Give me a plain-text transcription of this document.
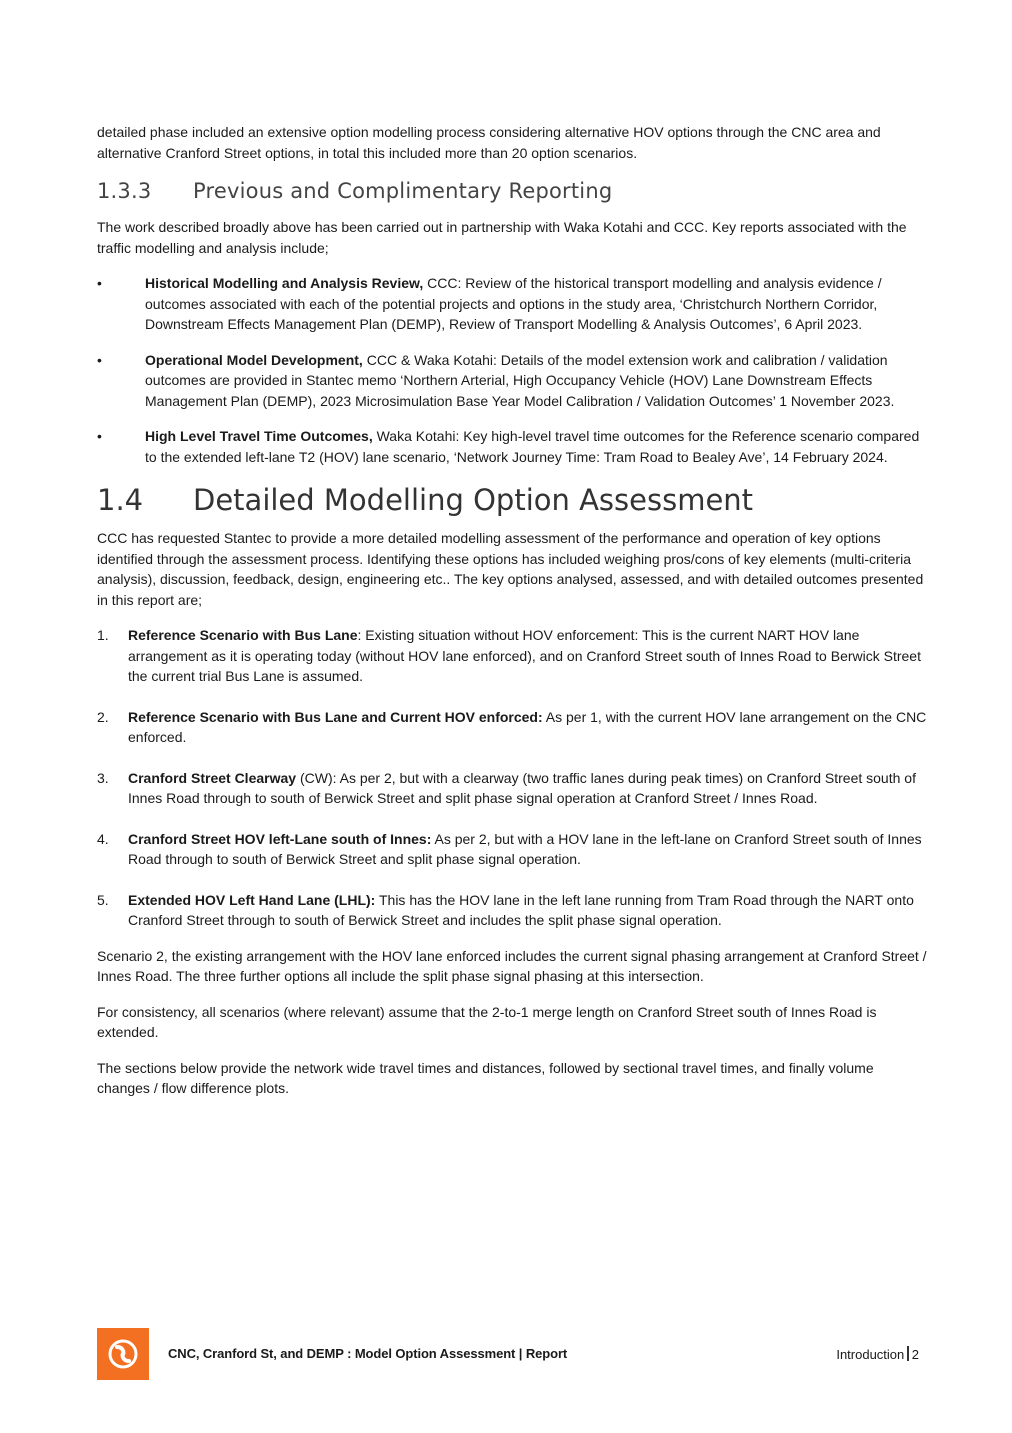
detailed phase included an extensive option modelling process considering alternative HOV options through the CNC area and alternative Cranford Street options, in total this included more than 20 option scenarios.

1.3.3 Previous and Complimentary Reporting

The work described broadly above has been carried out in partnership with Waka Kotahi and CCC. Key reports associated with the traffic modelling and analysis include;

•	Historical Modelling and Analysis Review, CCC: Review of the historical transport modelling and analysis evidence / outcomes associated with each of the potential projects and options in the study area, ‘Christchurch Northern Corridor, Downstream Effects Management Plan (DEMP), Review of Transport Modelling & Analysis Outcomes’, 6 April 2023.
•	Operational Model Development, CCC & Waka Kotahi: Details of the model extension work and calibration / validation outcomes are provided in Stantec memo ‘Northern Arterial, High Occupancy Vehicle (HOV) Lane Downstream Effects Management Plan (DEMP), 2023 Microsimulation Base Year Model Calibration / Validation Outcomes’ 1 November 2023.
•	High Level Travel Time Outcomes, Waka Kotahi: Key high-level travel time outcomes for the Reference scenario compared to the extended left-lane T2 (HOV) lane scenario, ‘Network Journey Time: Tram Road to Bealey Ave’, 14 February 2024.
1.4 Detailed Modelling Option Assessment

CCC has requested Stantec to provide a more detailed modelling assessment of the performance and operation of key options identified through the assessment process. Identifying these options has included weighing pros/cons of key elements (multi-criteria analysis), discussion, feedback, design, engineering etc.. The key options analysed, assessed, and with detailed outcomes presented in this report are;

1. Reference Scenario with Bus Lane: Existing situation without HOV enforcement: This is the current NART HOV lane arrangement as it is operating today (without HOV lane enforced), and on Cranford Street south of Innes Road to Berwick Street the current trial Bus Lane is assumed.
2. Reference Scenario with Bus Lane and Current HOV enforced: As per 1, with the current HOV lane arrangement on the CNC enforced.
3. Cranford Street Clearway (CW): As per 2, but with a clearway (two traffic lanes during peak times) on Cranford Street south of Innes Road through to south of Berwick Street and split phase signal operation at Cranford Street / Innes Road.
4. Cranford Street HOV left-Lane south of Innes: As per 2, but with a HOV lane in the left-lane on Cranford Street south of Innes Road through to south of Berwick Street and split phase signal operation.
5. Extended HOV Left Hand Lane (LHL): This has the HOV lane in the left lane running from Tram Road through the NART onto Cranford Street through to south of Berwick Street and includes the split phase signal operation.

Scenario 2, the existing arrangement with the HOV lane enforced includes the current signal phasing arrangement at Cranford Street / Innes Road. The three further options all include the split phase signal phasing at this intersection.

For consistency, all scenarios (where relevant) assume that the 2-to-1 merge length on Cranford Street south of Innes Road is extended.

The sections below provide the network wide travel times and distances, followed by sectional travel times, and finally volume changes / flow difference plots.

CNC, Cranford St, and DEMP : Model Option Assessment | Report	Introduction 2
